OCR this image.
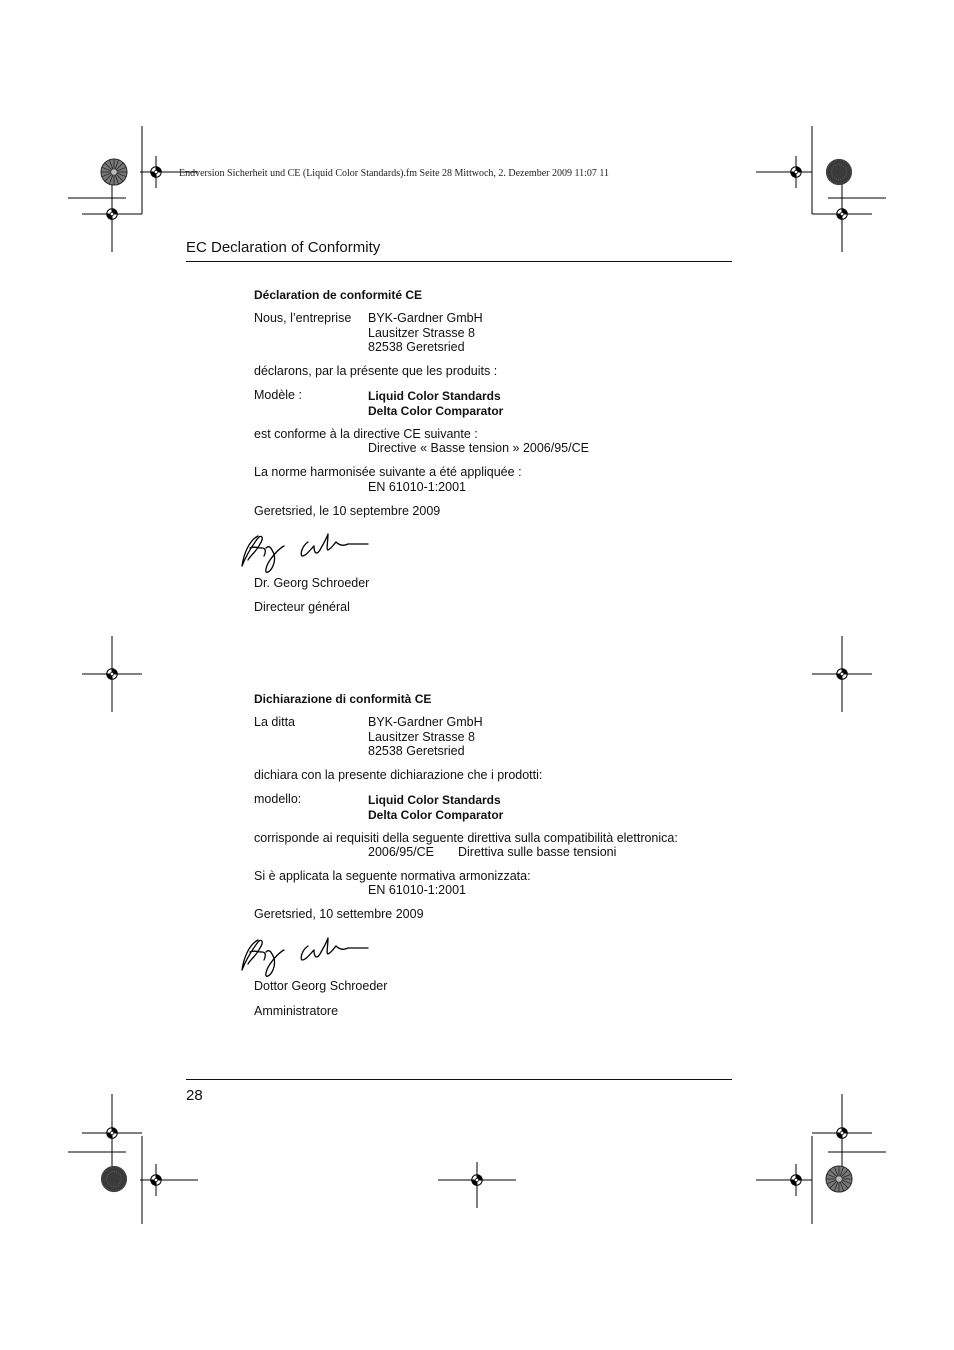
Endversion Sicherheit und CE (Liquid Color Standards).fm Seite 28 Mittwoch, 2. Dezember 2009 11:07 11
EC Declaration of Conformity
Déclaration de conformité CE
Nous, l’entreprise BYK-Gardner GmbH
Lausitzer Strasse 8
82538 Geretsried
déclarons, par la présente que les produits :
Modèle :	Liquid Color Standards
Delta Color Comparator
est conforme à la directive CE suivante :
Directive « Basse tension » 2006/95/CE
La norme harmonisée suivante a été appliquée :
EN 61010-1:2001
Geretsried, le 10 septembre 2009
Dr. Georg Schroeder
Directeur général
Dichiarazione di conformità CE
La ditta	BYK-Gardner GmbH
Lausitzer Strasse 8
82538 Geretsried
dichiara con la presente dichiarazione che i prodotti:
modello:	Liquid Color Standards
Delta Color Comparator
corrisponde ai requisiti della seguente direttiva sulla compatibilità elettronica:
2006/95/CE Direttiva sulle basse tensioni
Si è applicata la seguente normativa armonizzata:
EN 61010-1:2001
Geretsried, 10 settembre 2009
Dottor Georg Schroeder
Amministratore
28
